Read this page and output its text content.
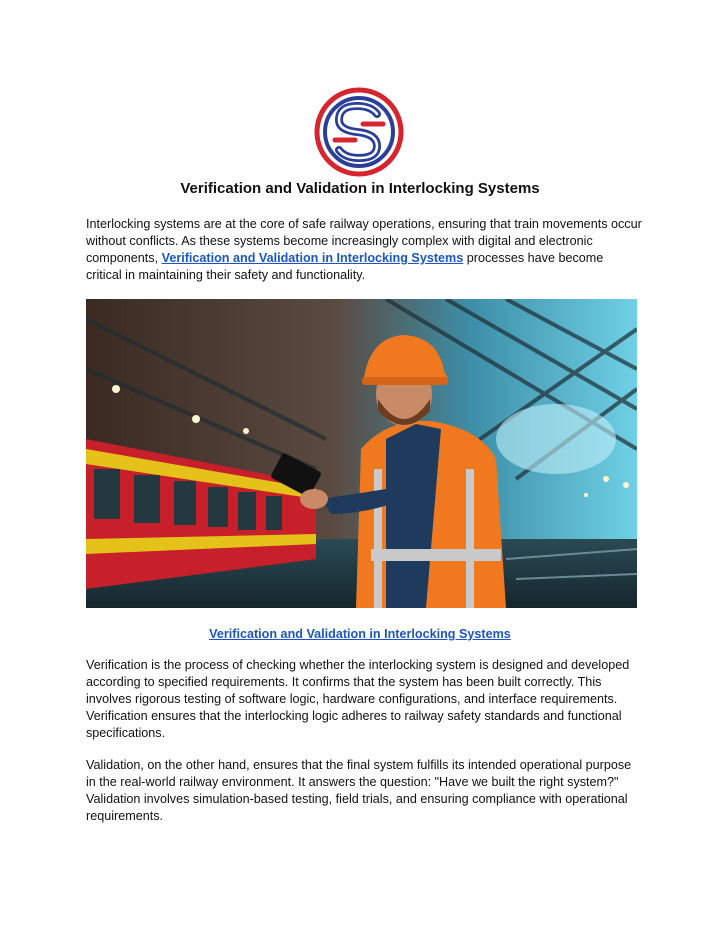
Verification and Validation in Interlocking Systems

Interlocking systems are at the core of safe railway operations, ensuring that train movements occur without conflicts. As these systems become increasingly complex with digital and electronic components, Verification and Validation in Interlocking Systems processes have become critical in maintaining their safety and functionality.

Verification and Validation in Interlocking Systems

Verification is the process of checking whether the interlocking system is designed and developed according to specified requirements. It confirms that the system has been built correctly. This involves rigorous testing of software logic, hardware configurations, and interface requirements. Verification ensures that the interlocking logic adheres to railway safety standards and functional specifications.

Validation, on the other hand, ensures that the final system fulfills its intended operational purpose in the real-world railway environment. It answers the question: "Have we built the right system?" Validation involves simulation-based testing, field trials, and ensuring compliance with operational requirements.
